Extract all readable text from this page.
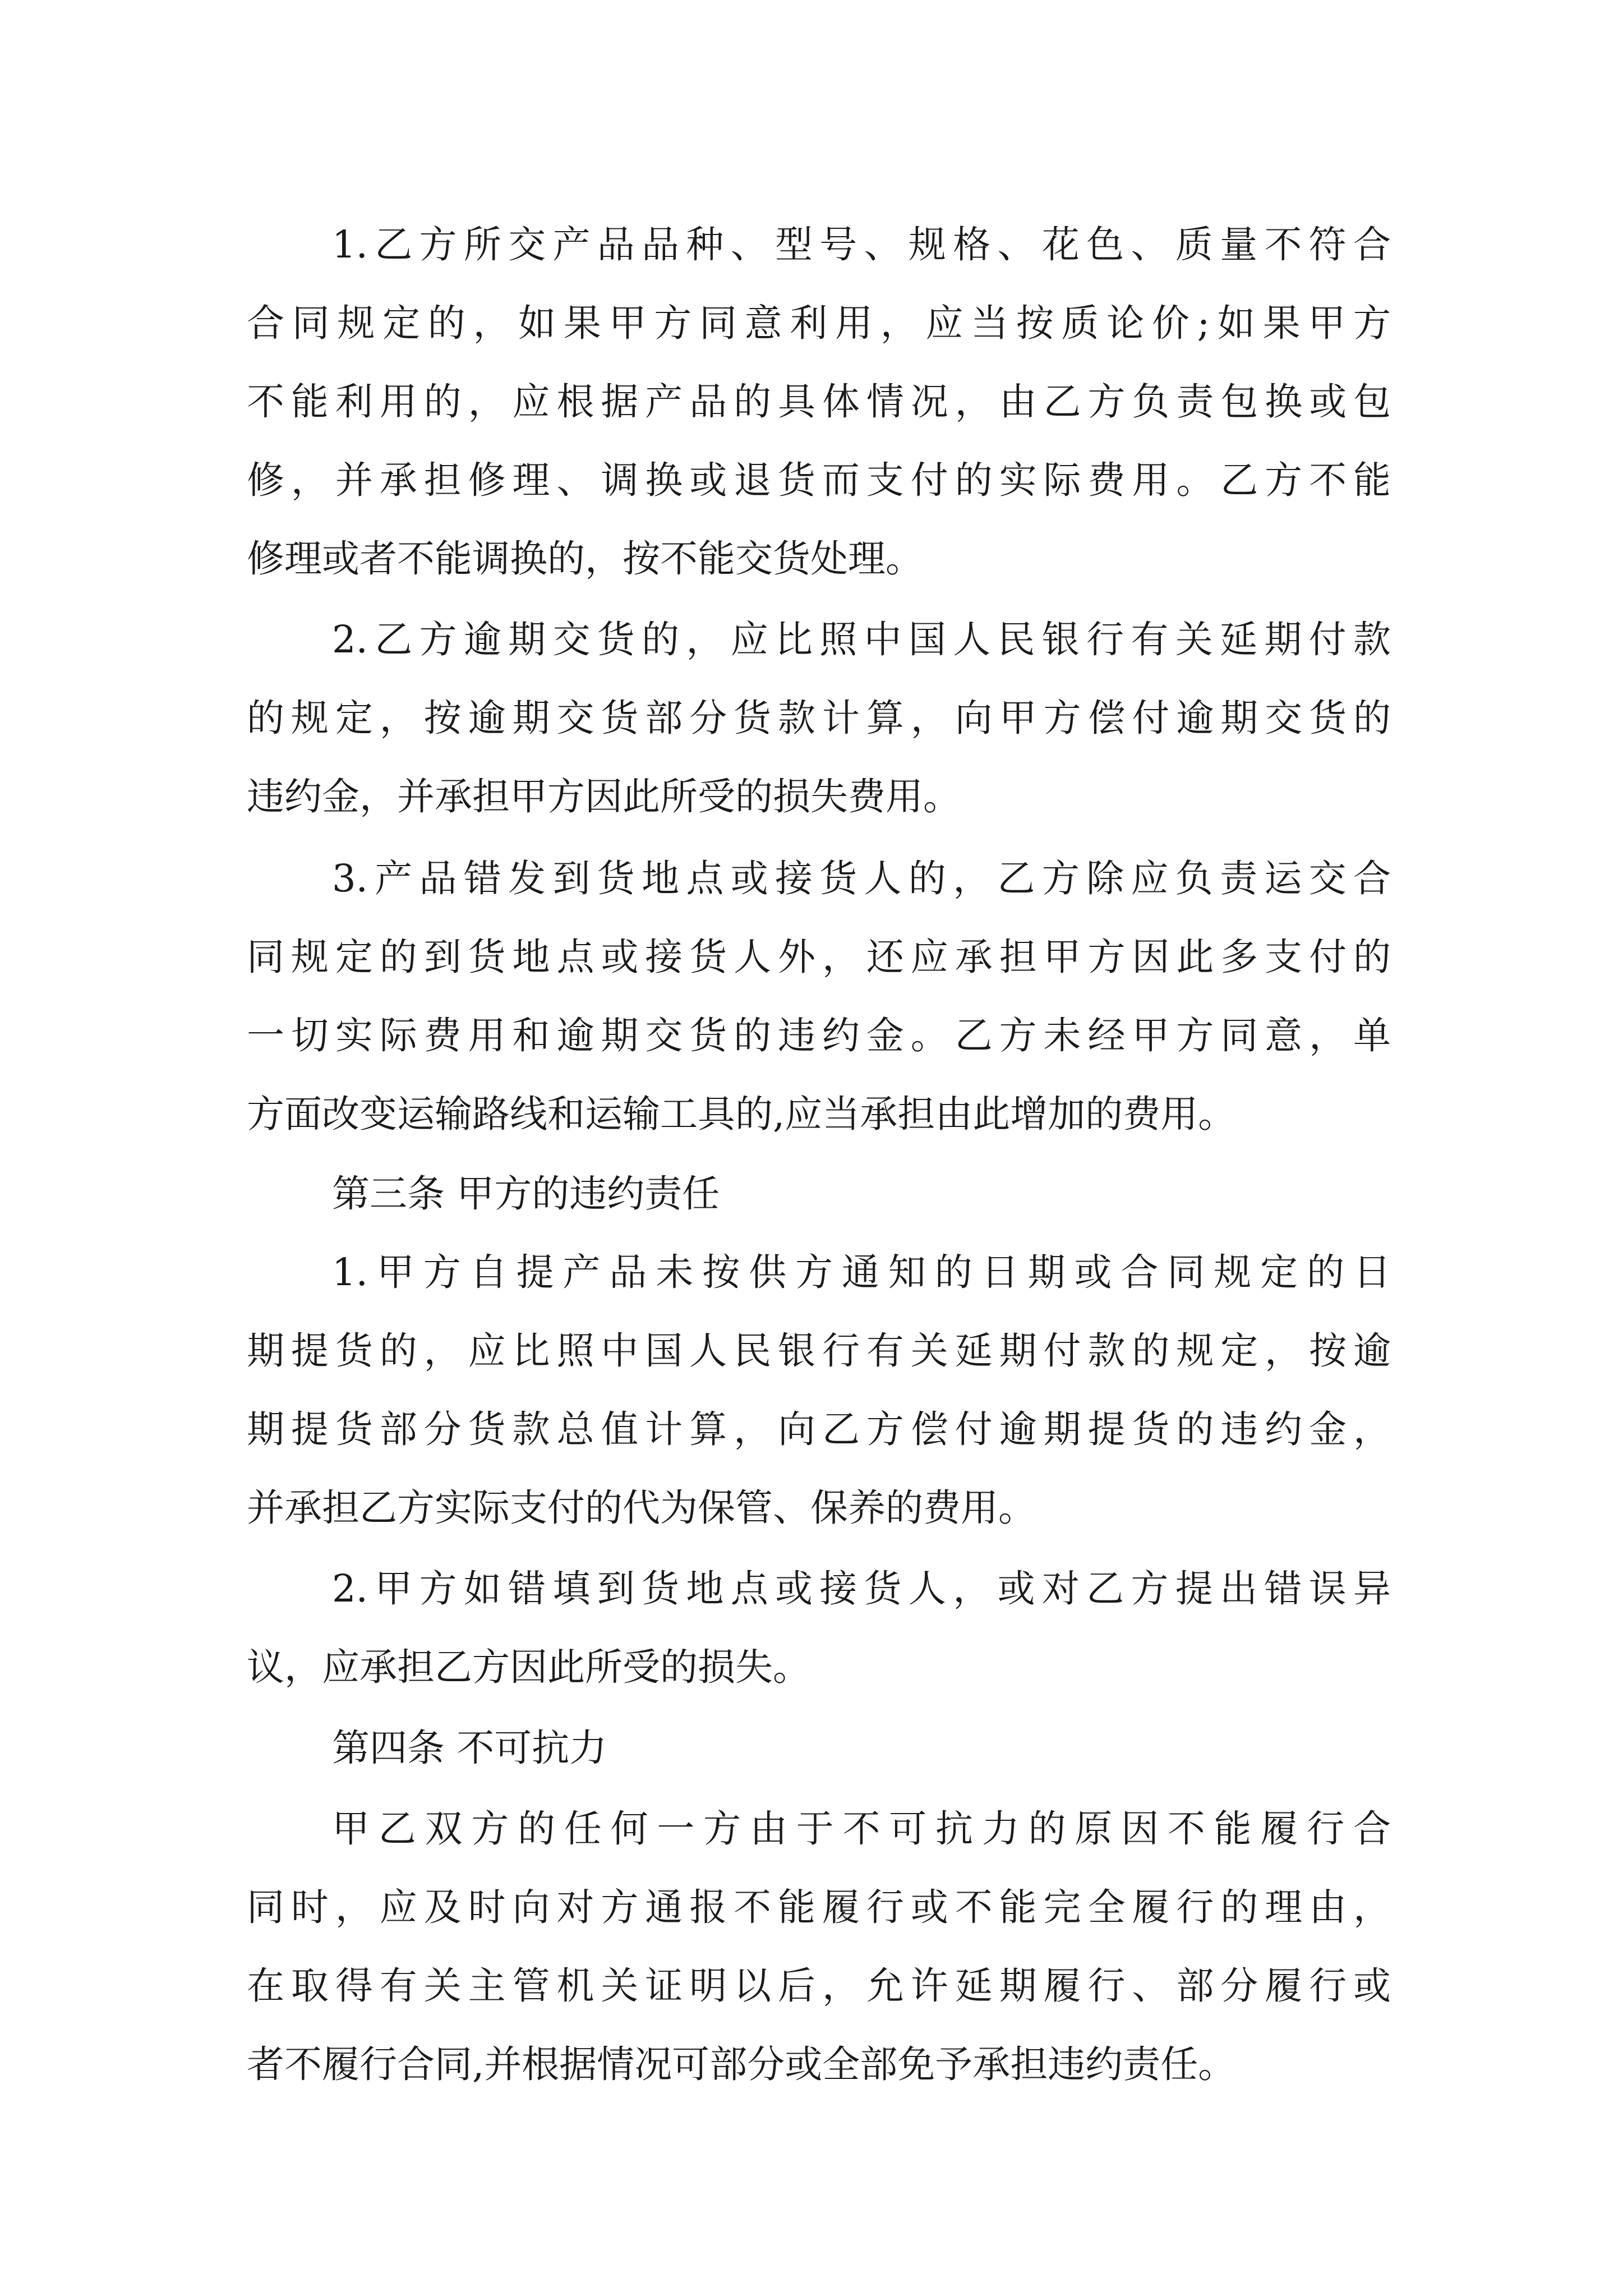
1.乙方所交产品品种、型号、规格、花色、质量不符合
合同规定的，如果甲方同意利用，应当按质论价;如果甲方
不能利用的，应根据产品的具体情况，由乙方负责包换或包
修，并承担修理、调换或退货而支付的实际费用。乙方不能
修理或者不能调换的，按不能交货处理。
2.乙方逾期交货的，应比照中国人民银行有关延期付款
的规定，按逾期交货部分货款计算，向甲方偿付逾期交货的
违约金，并承担甲方因此所受的损失费用。
3.产品错发到货地点或接货人的，乙方除应负责运交合
同规定的到货地点或接货人外，还应承担甲方因此多支付的
一切实际费用和逾期交货的违约金。乙方未经甲方同意，单
方面改变运输路线和运输工具的,应当承担由此增加的费用。
第三条 甲方的违约责任
1.甲方自提产品未按供方通知的日期或合同规定的日
期提货的，应比照中国人民银行有关延期付款的规定，按逾
期提货部分货款总值计算，向乙方偿付逾期提货的违约金，
并承担乙方实际支付的代为保管、保养的费用。
2.甲方如错填到货地点或接货人，或对乙方提出错误异
议，应承担乙方因此所受的损失。
第四条 不可抗力
甲乙双方的任何一方由于不可抗力的原因不能履行合
同时，应及时向对方通报不能履行或不能完全履行的理由，
在取得有关主管机关证明以后，允许延期履行、部分履行或
者不履行合同,并根据情况可部分或全部免予承担违约责任。
